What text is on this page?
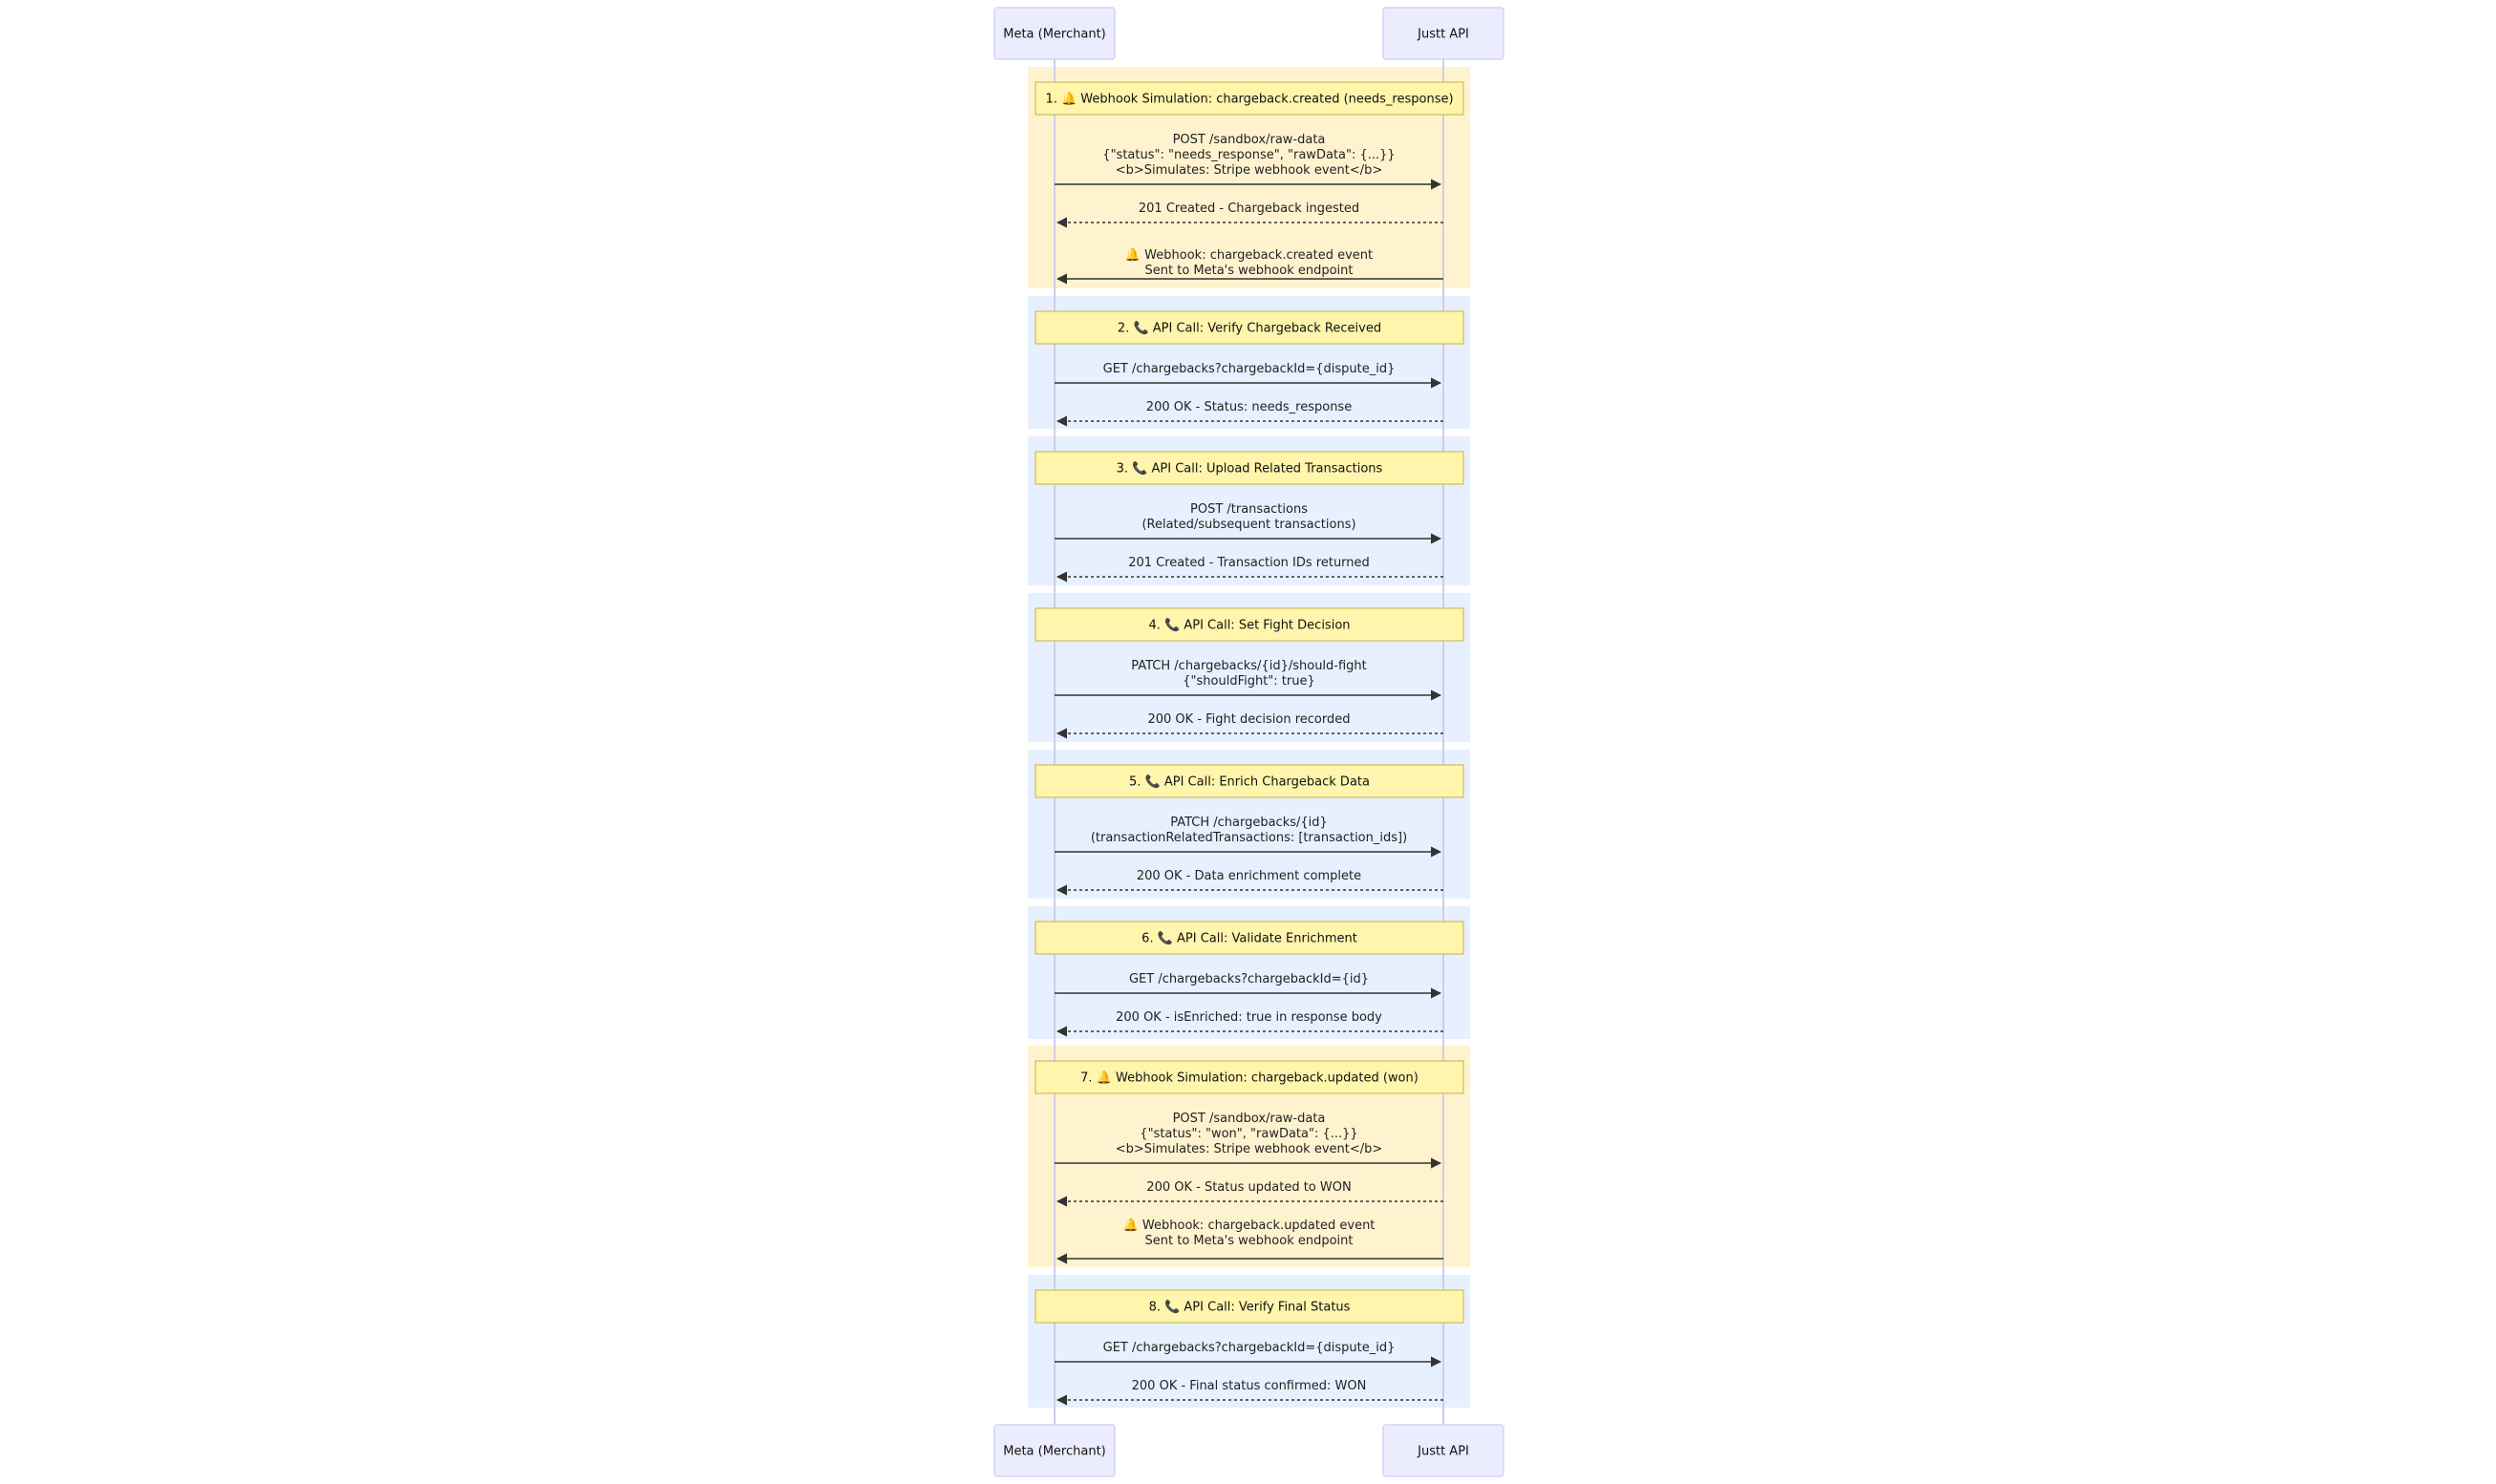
1. 🔔 Webhook Simulation: chargeback.created (needs_response)
2. 📞 API Call: Verify Chargeback Received
3. 📞 API Call: Upload Related Transactions
4. 📞 API Call: Set Fight Decision
5. 📞 API Call: Enrich Chargeback Data
6. 📞 API Call: Validate Enrichment
7. 🔔 Webhook Simulation: chargeback.updated (won)
8. 📞 API Call: Verify Final Status
POST /sandbox/raw-data {"status": "needs_response", "rawData": {...}} <b>Simulates: Stripe webhook event</b>
201 Created - Chargeback ingested
🔔 Webhook: chargeback.created event Sent to Meta's webhook endpoint
GET /chargebacks?chargebackId={dispute_id}
200 OK - Status: needs_response
POST /transactions (Related/subsequent transactions)
201 Created - Transaction IDs returned
PATCH /chargebacks/{id}/should-fight {"shouldFight": true}
200 OK - Fight decision recorded
PATCH /chargebacks/{id} (transactionRelatedTransactions: [transaction_ids])
200 OK - Data enrichment complete
GET /chargebacks?chargebackId={id}
200 OK - isEnriched: true in response body
POST /sandbox/raw-data {"status": "won", "rawData": {...}} <b>Simulates: Stripe webhook event</b>
200 OK - Status updated to WON
🔔 Webhook: chargeback.updated event Sent to Meta's webhook endpoint
GET /chargebacks?chargebackId={dispute_id}
200 OK - Final status confirmed: WON
Meta (Merchant)	Justt API
Meta (Merchant)	Justt API
